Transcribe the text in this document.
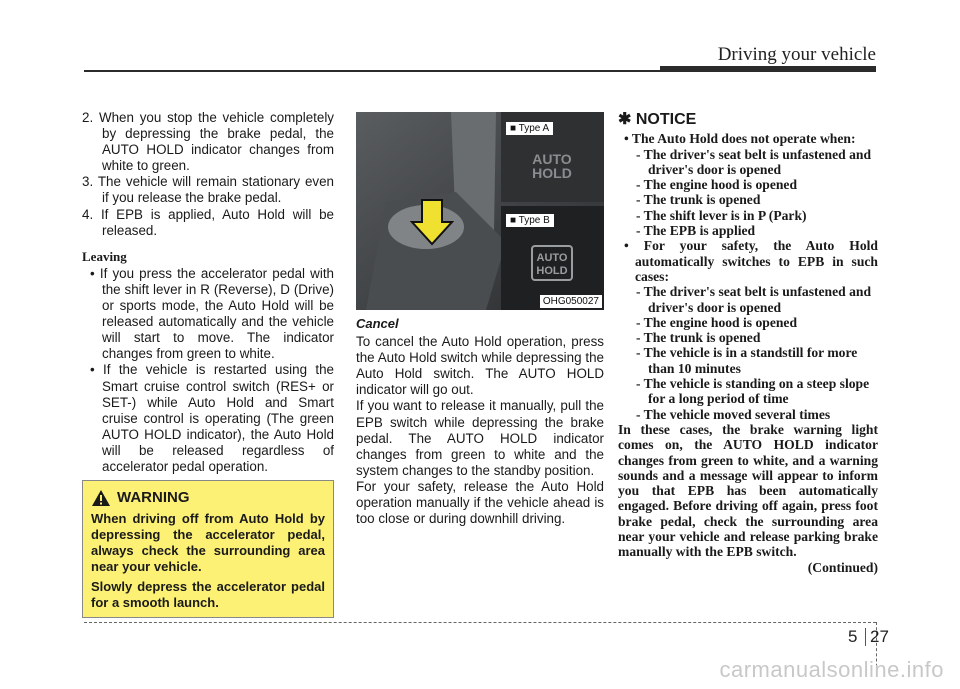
Driving your vehicle
2. When you stop the vehicle completely by depressing the brake pedal, the AUTO HOLD indicator changes from white to green.
3. The vehicle will remain stationary even if you release the brake pedal.
4. If EPB is applied, Auto Hold will be released.
Leaving
• If you press the accelerator pedal with the shift lever in R (Reverse), D (Drive) or sports mode, the Auto Hold will be released automatically and the vehicle will start to move. The indicator changes from green to white.
• If the vehicle is restarted using the Smart cruise control switch (RES+ or SET-) while Auto Hold and Smart cruise control is operating (The green AUTO HOLD indicator), the Auto Hold will be released regardless of accelerator pedal operation.
WARNING

When driving off from Auto Hold by depressing the accelerator pedal, always check the surrounding area near your vehicle.

Slowly depress the accelerator pedal for a smooth launch.

AUTO
HOLD
AUTO
HOLD
■ Type A
■ Type B
OHG050027
Cancel
To cancel the Auto Hold operation, press the Auto Hold switch while depressing the Auto Hold switch. The AUTO HOLD indicator will go out.
If you want to release it manually, pull the EPB switch while depressing the brake pedal. The AUTO HOLD indicator changes from green to white and the system changes to the standby position.
For your safety, release the Auto Hold operation manually if the vehicle ahead is too close or during downhill driving.
✱ NOTICE
• The Auto Hold does not operate when:
- The driver's seat belt is unfastened and driver's door is opened
- The engine hood is opened
- The trunk is opened
- The shift lever is in P (Park)
- The EPB is applied
• For your safety, the Auto Hold automatically switches to EPB in such cases:
- The driver's seat belt is unfastened and driver's door is opened
- The engine hood is opened
- The trunk is opened
- The vehicle is in a standstill for more than 10 minutes
- The vehicle is standing on a steep slope for a long period of time
- The vehicle moved several times
In these cases, the brake warning light comes on, the AUTO HOLD indicator changes from green to white, and a warning sounds and a message will appear to inform you that EPB has been automatically engaged. Before driving off again, press foot brake pedal, check the surrounding area near your vehicle and release parking brake manually with the EPB switch.
(Continued)
5 27
carmanualsonline.info
